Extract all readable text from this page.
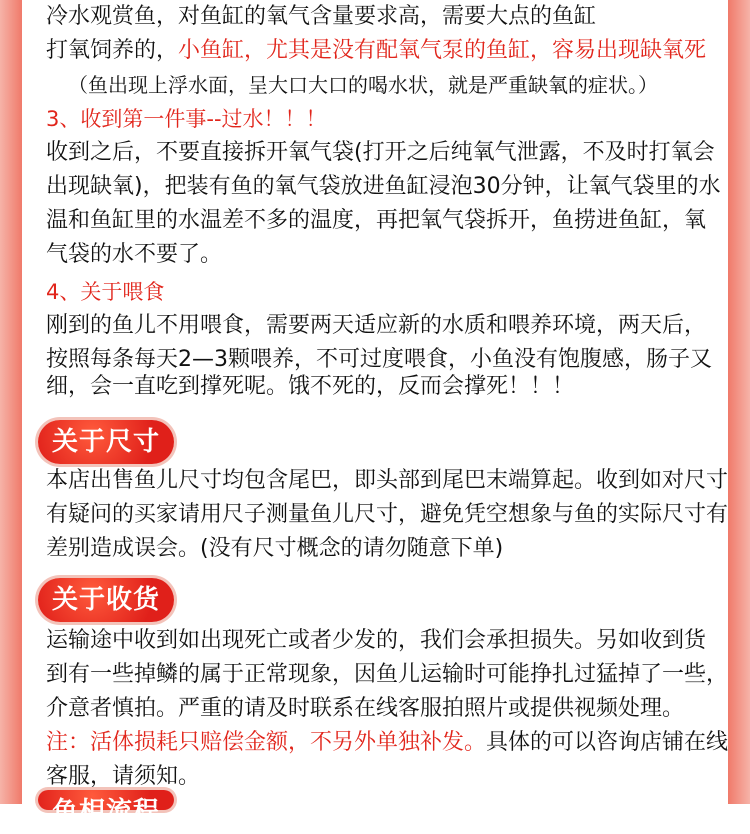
冷水观赏鱼，对鱼缸的氧气含量要求高，需要大点的鱼缸
打氧饲养的，小鱼缸，尤其是没有配氧气泵的鱼缸，容易出现缺氧死
（鱼出现上浮水面，呈大口大口的喝水状，就是严重缺氧的症状。）
3、收到第一件事--过水！！！
收到之后，不要直接拆开氧气袋(打开之后纯氧气泄露，不及时打氧会
出现缺氧)，把装有鱼的氧气袋放进鱼缸浸泡30分钟，让氧气袋里的水
温和鱼缸里的水温差不多的温度，再把氧气袋拆开，鱼捞进鱼缸，氧
气袋的水不要了。
4、关于喂食
刚到的鱼儿不用喂食，需要两天适应新的水质和喂养环境，两天后，
按照每条每天2—3颗喂养，不可过度喂食，小鱼没有饱腹感，肠子又
细，会一直吃到撑死呢。饿不死的，反而会撑死！！！
关于尺寸
本店出售鱼儿尺寸均包含尾巴，即头部到尾巴末端算起。收到如对尺寸
有疑问的买家请用尺子测量鱼儿尺寸，避免凭空想象与鱼的实际尺寸有
差别造成误会。(没有尺寸概念的请勿随意下单)
关于收货
运输途中收到如出现死亡或者少发的，我们会承担损失。另如收到货
到有一些掉鳞的属于正常现象，因鱼儿运输时可能挣扎过猛掉了一些，
介意者慎拍。严重的请及时联系在线客服拍照片或提供视频处理。
注：活体损耗只赔偿金额，不另外单独补发。具体的可以咨询店铺在线
客服，请须知。
鱼相流程
